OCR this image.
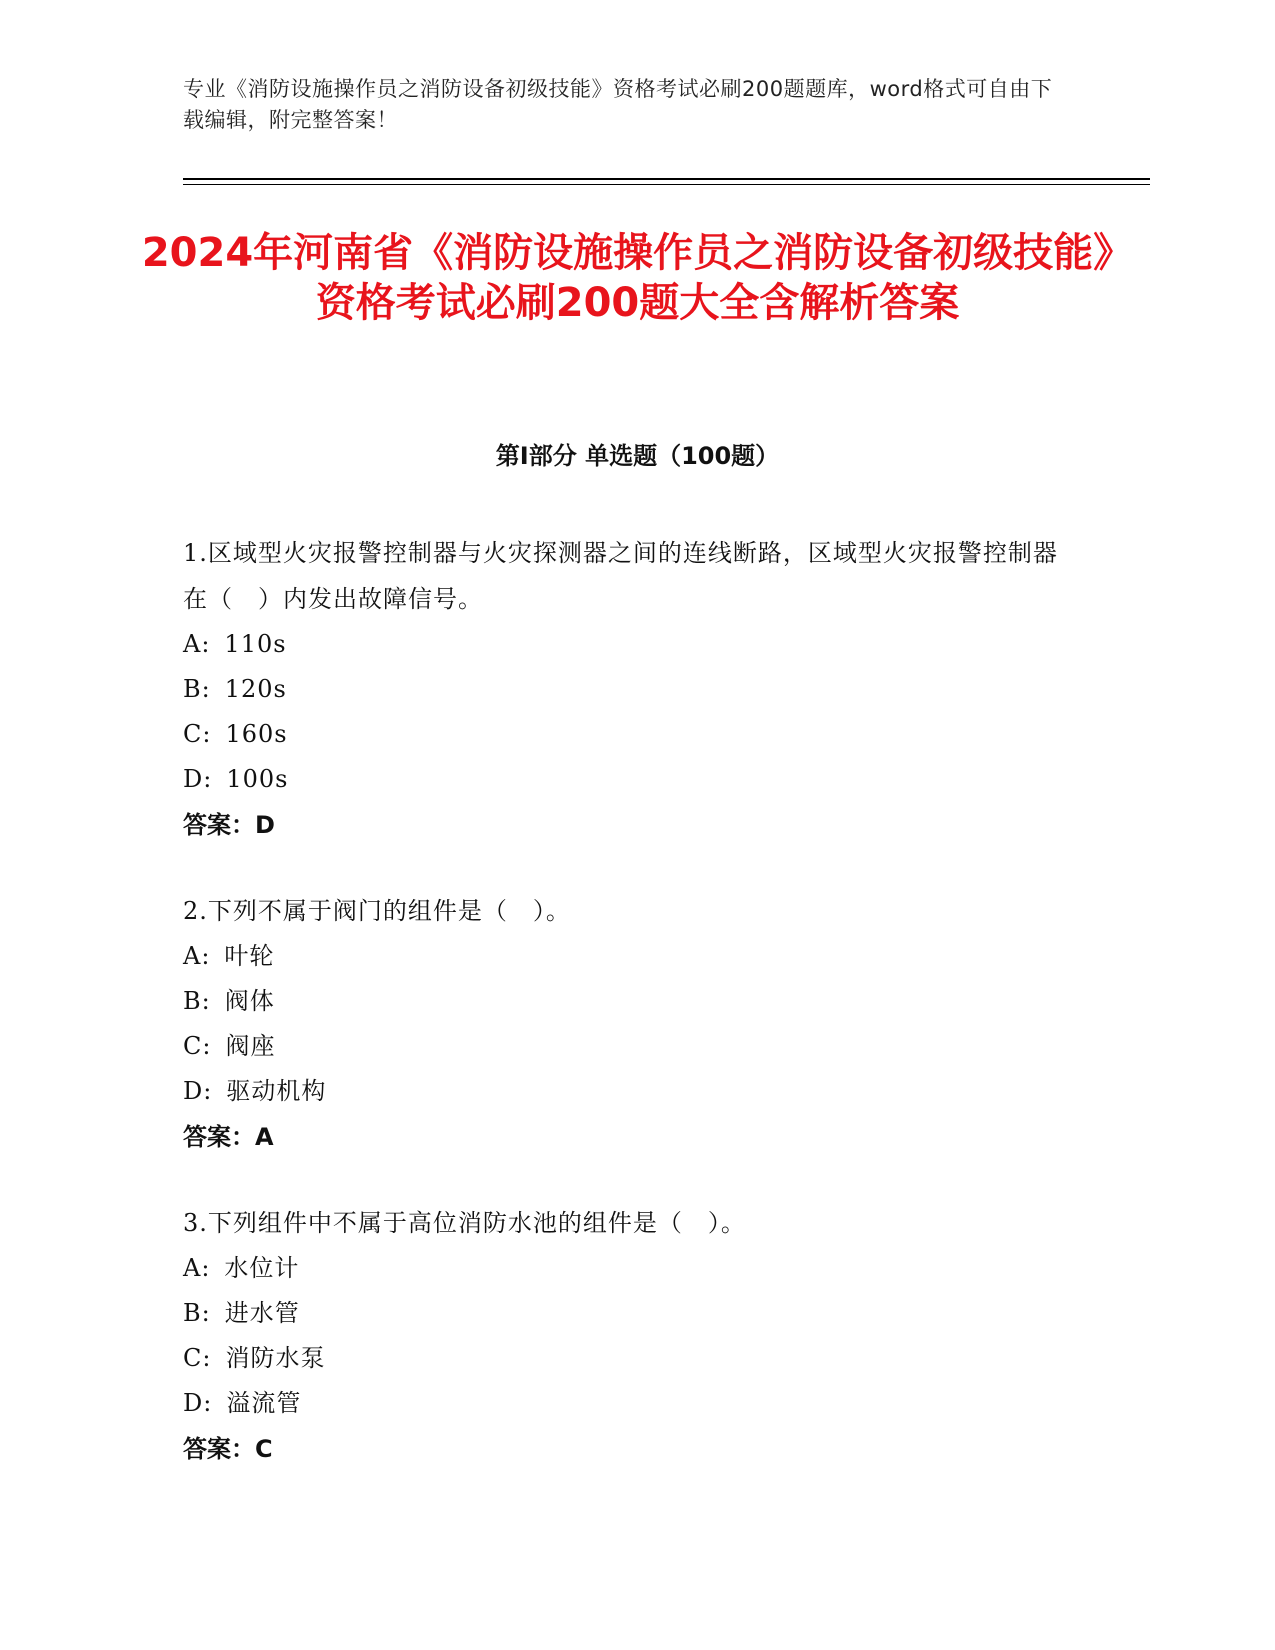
专业《消防设施操作员之消防设备初级技能》资格考试必刷200题题库，word格式可自由下载编辑，附完整答案！
2024年河南省《消防设施操作员之消防设备初级技能》资格考试必刷200题大全含解析答案
第Ⅰ部分 单选题（100题）
1.区域型火灾报警控制器与火灾探测器之间的连线断路，区域型火灾报警控制器在（　）内发出故障信号。
A: 110s
B: 120s
C: 160s
D: 100s
答案：D
2.下列不属于阀门的组件是（　）。
A: 叶轮
B: 阀体
C: 阀座
D: 驱动机构
答案：A
3.下列组件中不属于高位消防水池的组件是（　）。
A: 水位计
B: 进水管
C: 消防水泵
D: 溢流管
答案：C
